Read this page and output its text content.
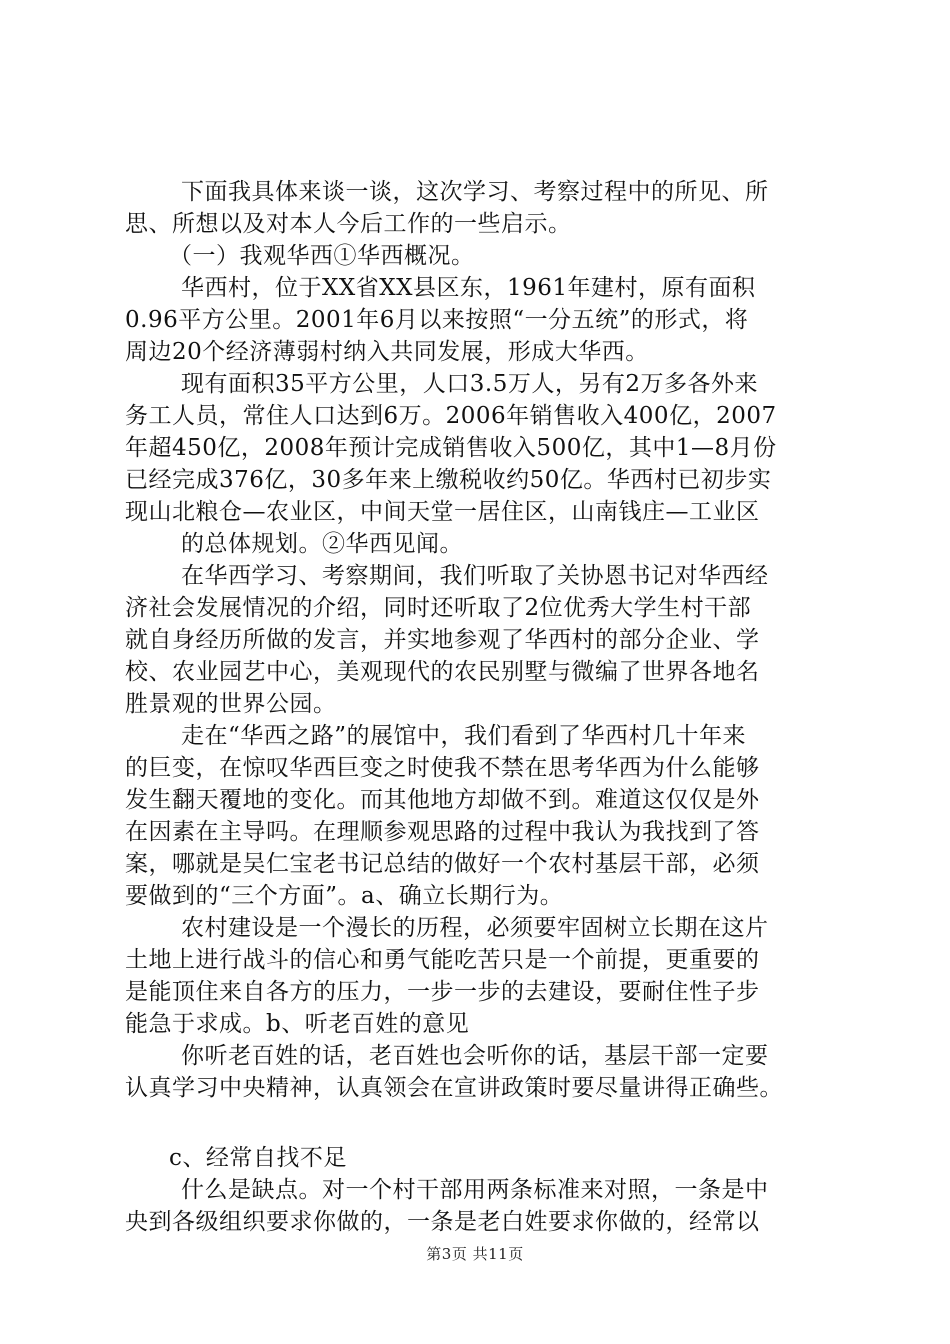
下面我具体来谈一谈，这次学习、考察过程中的所见、所
思、所想以及对本人今后工作的一些启示。
（一）我观华西①华西概况。
华西村，位于XX省XX县区东，1961年建村，原有面积
0.96平方公里。2001年6月以来按照“一分五统”的形式，将
周边20个经济薄弱村纳入共同发展，形成大华西。
现有面积35平方公里，人口3.5万人，另有2万多各外来
务工人员，常住人口达到6万。2006年销售收入400亿，2007
年超450亿，2008年预计完成销售收入500亿，其中1—8月份
已经完成376亿，30多年来上缴税收约50亿。华西村已初步实
现山北粮仓—农业区，中间天堂一居住区，山南钱庄—工业区
的总体规划。②华西见闻。
在华西学习、考察期间，我们听取了关协恩书记对华西经
济社会发展情况的介绍，同时还听取了2位优秀大学生村干部
就自身经历所做的发言，并实地参观了华西村的部分企业、学
校、农业园艺中心，美观现代的农民别墅与微编了世界各地名
胜景观的世界公园。
走在“华西之路”的展馆中，我们看到了华西村几十年来
的巨变，在惊叹华西巨变之时使我不禁在思考华西为什么能够
发生翻天覆地的变化。而其他地方却做不到。难道这仅仅是外
在因素在主导吗。在理顺参观思路的过程中我认为我找到了答
案，哪就是吴仁宝老书记总结的做好一个农村基层干部，必须
要做到的“三个方面”。a、确立长期行为。
农村建设是一个漫长的历程，必须要牢固树立长期在这片
土地上进行战斗的信心和勇气能吃苦只是一个前提，更重要的
是能顶住来自各方的压力，一步一步的去建设，要耐住性子步
能急于求成。b、听老百姓的意见
你听老百姓的话，老百姓也会听你的话，基层干部一定要
认真学习中央精神，认真领会在宣讲政策时要尽量讲得正确些。
c、经常自找不足
什么是缺点。对一个村干部用两条标准来对照，一条是中
央到各级组织要求你做的，一条是老白姓要求你做的，经常以
第3页 共11页
